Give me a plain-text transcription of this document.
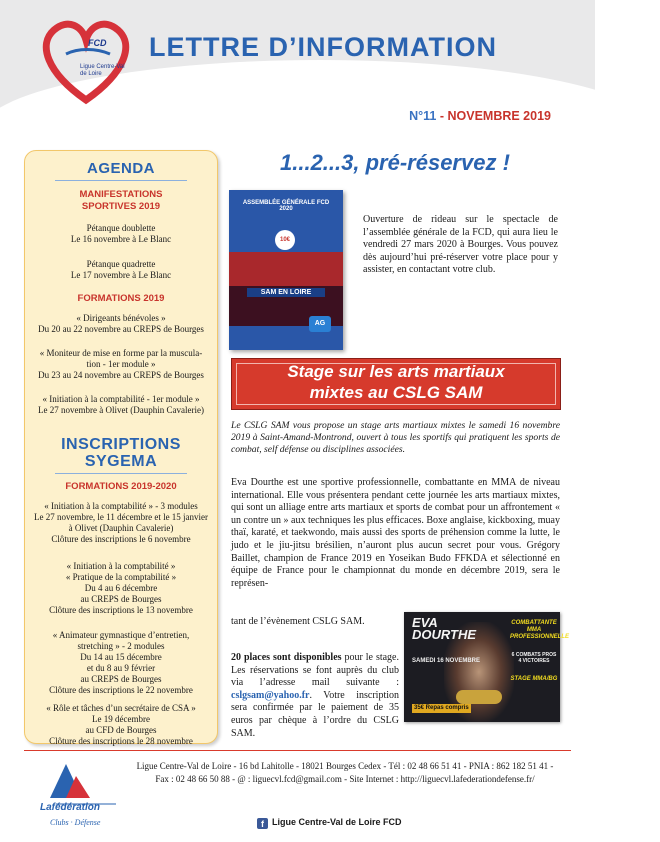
FCD
Ligue Centre-Val de Loire
LETTRE D’INFORMATION
N°11 - NOVEMBRE 2019
AGENDA
MANIFESTATIONS
SPORTIVES 2019
Pétanque doublette
Le 16 novembre à Le Blanc
Pétanque quadrette
Le 17 novembre à Le Blanc
FORMATIONS 2019
« Dirigeants bénévoles »
Du 20 au 22 novembre au CREPS de Bourges
« Moniteur de mise en forme par la muscula-
tion - 1er module »
Du 23 au 24 novembre au CREPS de Bourges
« Initiation à la comptabilité - 1er module »
Le 27 novembre à Olivet (Dauphin Cavalerie)
INSCRIPTIONS
SYGEMA
FORMATIONS 2019-2020
« Initiation à la comptabilité » - 3 modules
Le 27 novembre, le 11 décembre et le 15 janvier
à Olivet (Dauphin Cavalerie)
Clôture des inscriptions le 6 novembre
« Initiation à la comptabilité »
« Pratique de la comptabilité »
Du 4 au 6 décembre
au CREPS de Bourges
Clôture des inscriptions le 13 novembre
« Animateur gymnastique d’entretien,
stretching » - 2 modules
Du 14 au 15 décembre
et du 8 au 9 février
au CREPS de Bourges
Clôture des inscriptions le 22 novembre
« Rôle et tâches d’un secrétaire de CSA »
Le 19 décembre
au CFD de Bourges
Clôture des inscriptions le 28 novembre
1...2...3, pré-réservez !
ASSEMBLÉE GÉNÉRALE FCD 2020
10€
SAM EN LOIRE
AG
Ouverture de rideau sur le spectacle de l’assemblée générale de la FCD, qui aura lieu le vendredi 27 mars 2020 à Bourges. Vous pouvez dès aujourd’hui pré-réserver votre place pour y assister, en contactant votre club.
Stage sur les arts martiaux
mixtes au CSLG SAM
Le CSLG SAM vous propose un stage arts martiaux mixtes le samedi 16 novembre 2019 à Saint-Amand-Montrond, ouvert à tous les sportifs qui pratiquent les sports de combat, self défense ou disciplines associées.
Eva Dourthe est une sportive professionnelle, combattante en MMA de niveau international. Elle vous présentera pendant cette journée les arts martiaux mixtes, qui sont un alliage entre arts martiaux et sports de combat pour un affrontement « un contre un » aux techniques les plus efficaces. Boxe anglaise, kickboxing, muay thaï, karaté, et taekwondo, mais aussi des sports de préhension comme la lutte, le judo et le jiu-jitsu brésilien, n’auront plus aucun secret pour vous. Grégory Baillet, champion de France 2019 en Yoseikan Budo FFKDA et sélectionné en équipe de France pour le championnat du monde en décembre 2019, sera le représen-
tant de l’évènement CSLG SAM.
20 places sont disponibles pour le stage. Les réservations se font auprès du club via l’adresse mail suivante : cslgsam@yahoo.fr. Votre inscription sera confirmée par le paiement de 35 euros par chèque à l’ordre du CSLG SAM.
EVA
DOURTHE
COMBATTANTE MMA PROFESSIONNELLE
6 COMBATS PROS 4 VICTOIRES
STAGE MMA/BG
SAMEDI 16 NOVEMBRE
35€ Repas compris
Lafédération
Clubs · Défense
Ligue Centre-Val de Loire - 16 bd Lahitolle - 18021 Bourges Cedex - Tél : 02 48 66 51 41 - PNIA : 862 182 51 41 -
Fax : 02 48 66 50 88 - @ : liguecvl.fcd@gmail.com - Site Internet : http://liguecvl.lafederationdefense.fr/
f Ligue Centre-Val de Loire FCD
